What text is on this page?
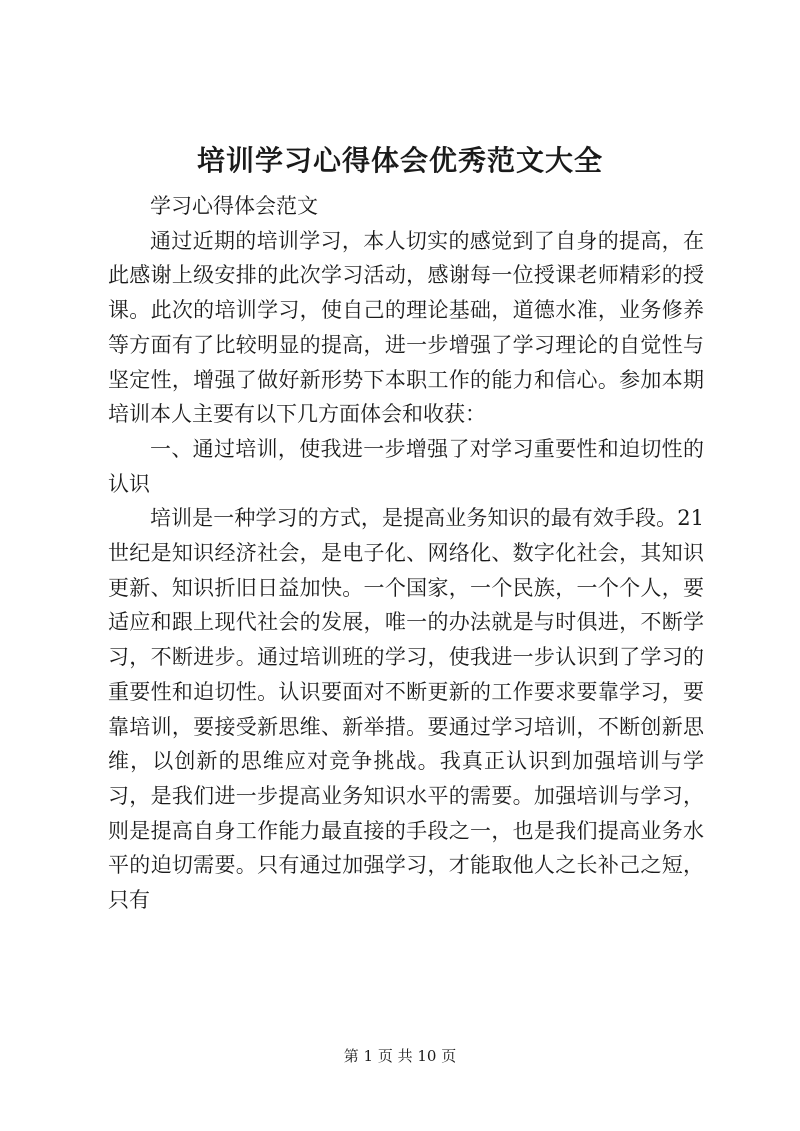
培训学习心得体会优秀范文大全

学习心得体会范文

通过近期的培训学习，本人切实的感觉到了自身的提高，在此感谢上级安排的此次学习活动，感谢每一位授课老师精彩的授课。此次的培训学习，使自己的理论基础，道德水准，业务修养等方面有了比较明显的提高，进一步增强了学习理论的自觉性与坚定性，增强了做好新形势下本职工作的能力和信心。参加本期培训本人主要有以下几方面体会和收获：

一、通过培训，使我进一步增强了对学习重要性和迫切性的认识

培训是一种学习的方式，是提高业务知识的最有效手段。21世纪是知识经济社会，是电子化、网络化、数字化社会，其知识更新、知识折旧日益加快。一个国家，一个民族，一个个人，要适应和跟上现代社会的发展，唯一的办法就是与时俱进，不断学习，不断进步。通过培训班的学习，使我进一步认识到了学习的重要性和迫切性。认识要面对不断更新的工作要求要靠学习，要靠培训，要接受新思维、新举措。要通过学习培训，不断创新思维，以创新的思维应对竞争挑战。我真正认识到加强培训与学习，是我们进一步提高业务知识水平的需要。加强培训与学习，则是提高自身工作能力最直接的手段之一，也是我们提高业务水平的迫切需要。只有通过加强学习，才能取他人之长补己之短，只有

第 1 页 共 10 页
